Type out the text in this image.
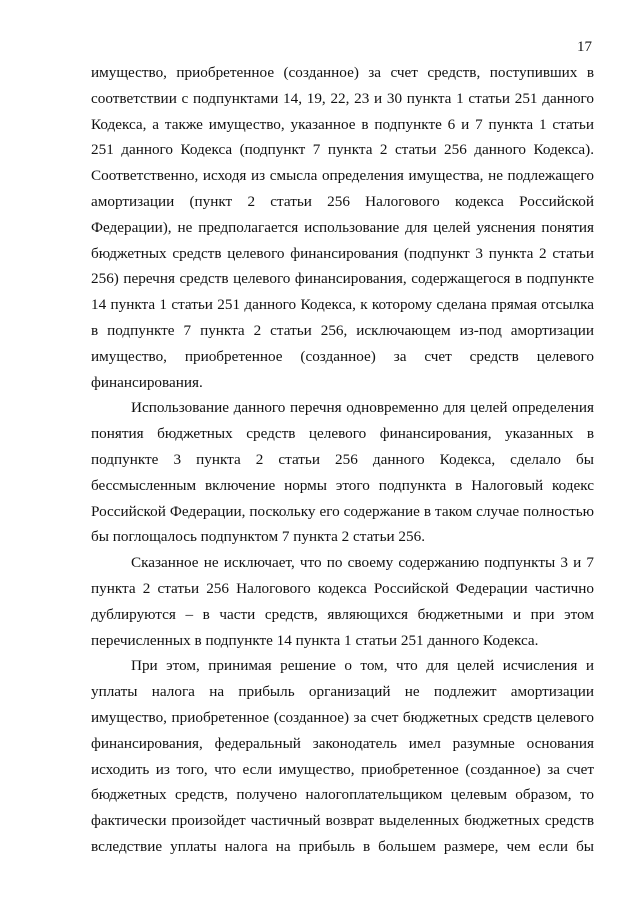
17

имущество, приобретенное (созданное) за счет средств, поступивших в соответствии с подпунктами 14, 19, 22, 23 и 30 пункта 1 статьи 251 данного Кодекса, а также имущество, указанное в подпункте 6 и 7 пункта 1 статьи 251 данного Кодекса (подпункт 7 пункта 2 статьи 256 данного Кодекса). Соответственно, исходя из смысла определения имущества, не подлежащего амортизации (пункт 2 статьи 256 Налогового кодекса Российской Федерации), не предполагается использование для целей уяснения понятия бюджетных средств целевого финансирования (подпункт 3 пункта 2 статьи 256) перечня средств целевого финансирования, содержащегося в подпункте 14 пункта 1 статьи 251 данного Кодекса, к которому сделана прямая отсылка в подпункте 7 пункта 2 статьи 256, исключающем из-под амортизации имущество, приобретенное (созданное) за счет средств целевого финансирования.

Использование данного перечня одновременно для целей определения понятия бюджетных средств целевого финансирования, указанных в подпункте 3 пункта 2 статьи 256 данного Кодекса, сделало бы бессмысленным включение нормы этого подпункта в Налоговый кодекс Российской Федерации, поскольку его содержание в таком случае полностью бы поглощалось подпунктом 7 пункта 2 статьи 256.

Сказанное не исключает, что по своему содержанию подпункты 3 и 7 пункта 2 статьи 256 Налогового кодекса Российской Федерации частично дублируются – в части средств, являющихся бюджетными и при этом перечисленных в подпункте 14 пункта 1 статьи 251 данного Кодекса.

При этом, принимая решение о том, что для целей исчисления и уплаты налога на прибыль организаций не подлежит амортизации имущество, приобретенное (созданное) за счет бюджетных средств целевого финансирования, федеральный законодатель имел разумные основания исходить из того, что если имущество, приобретенное (созданное) за счет бюджетных средств, получено налогоплательщиком целевым образом, то фактически произойдет частичный возврат выделенных бюджетных средств вследствие уплаты налога на прибыль в большем размере, чем если бы
